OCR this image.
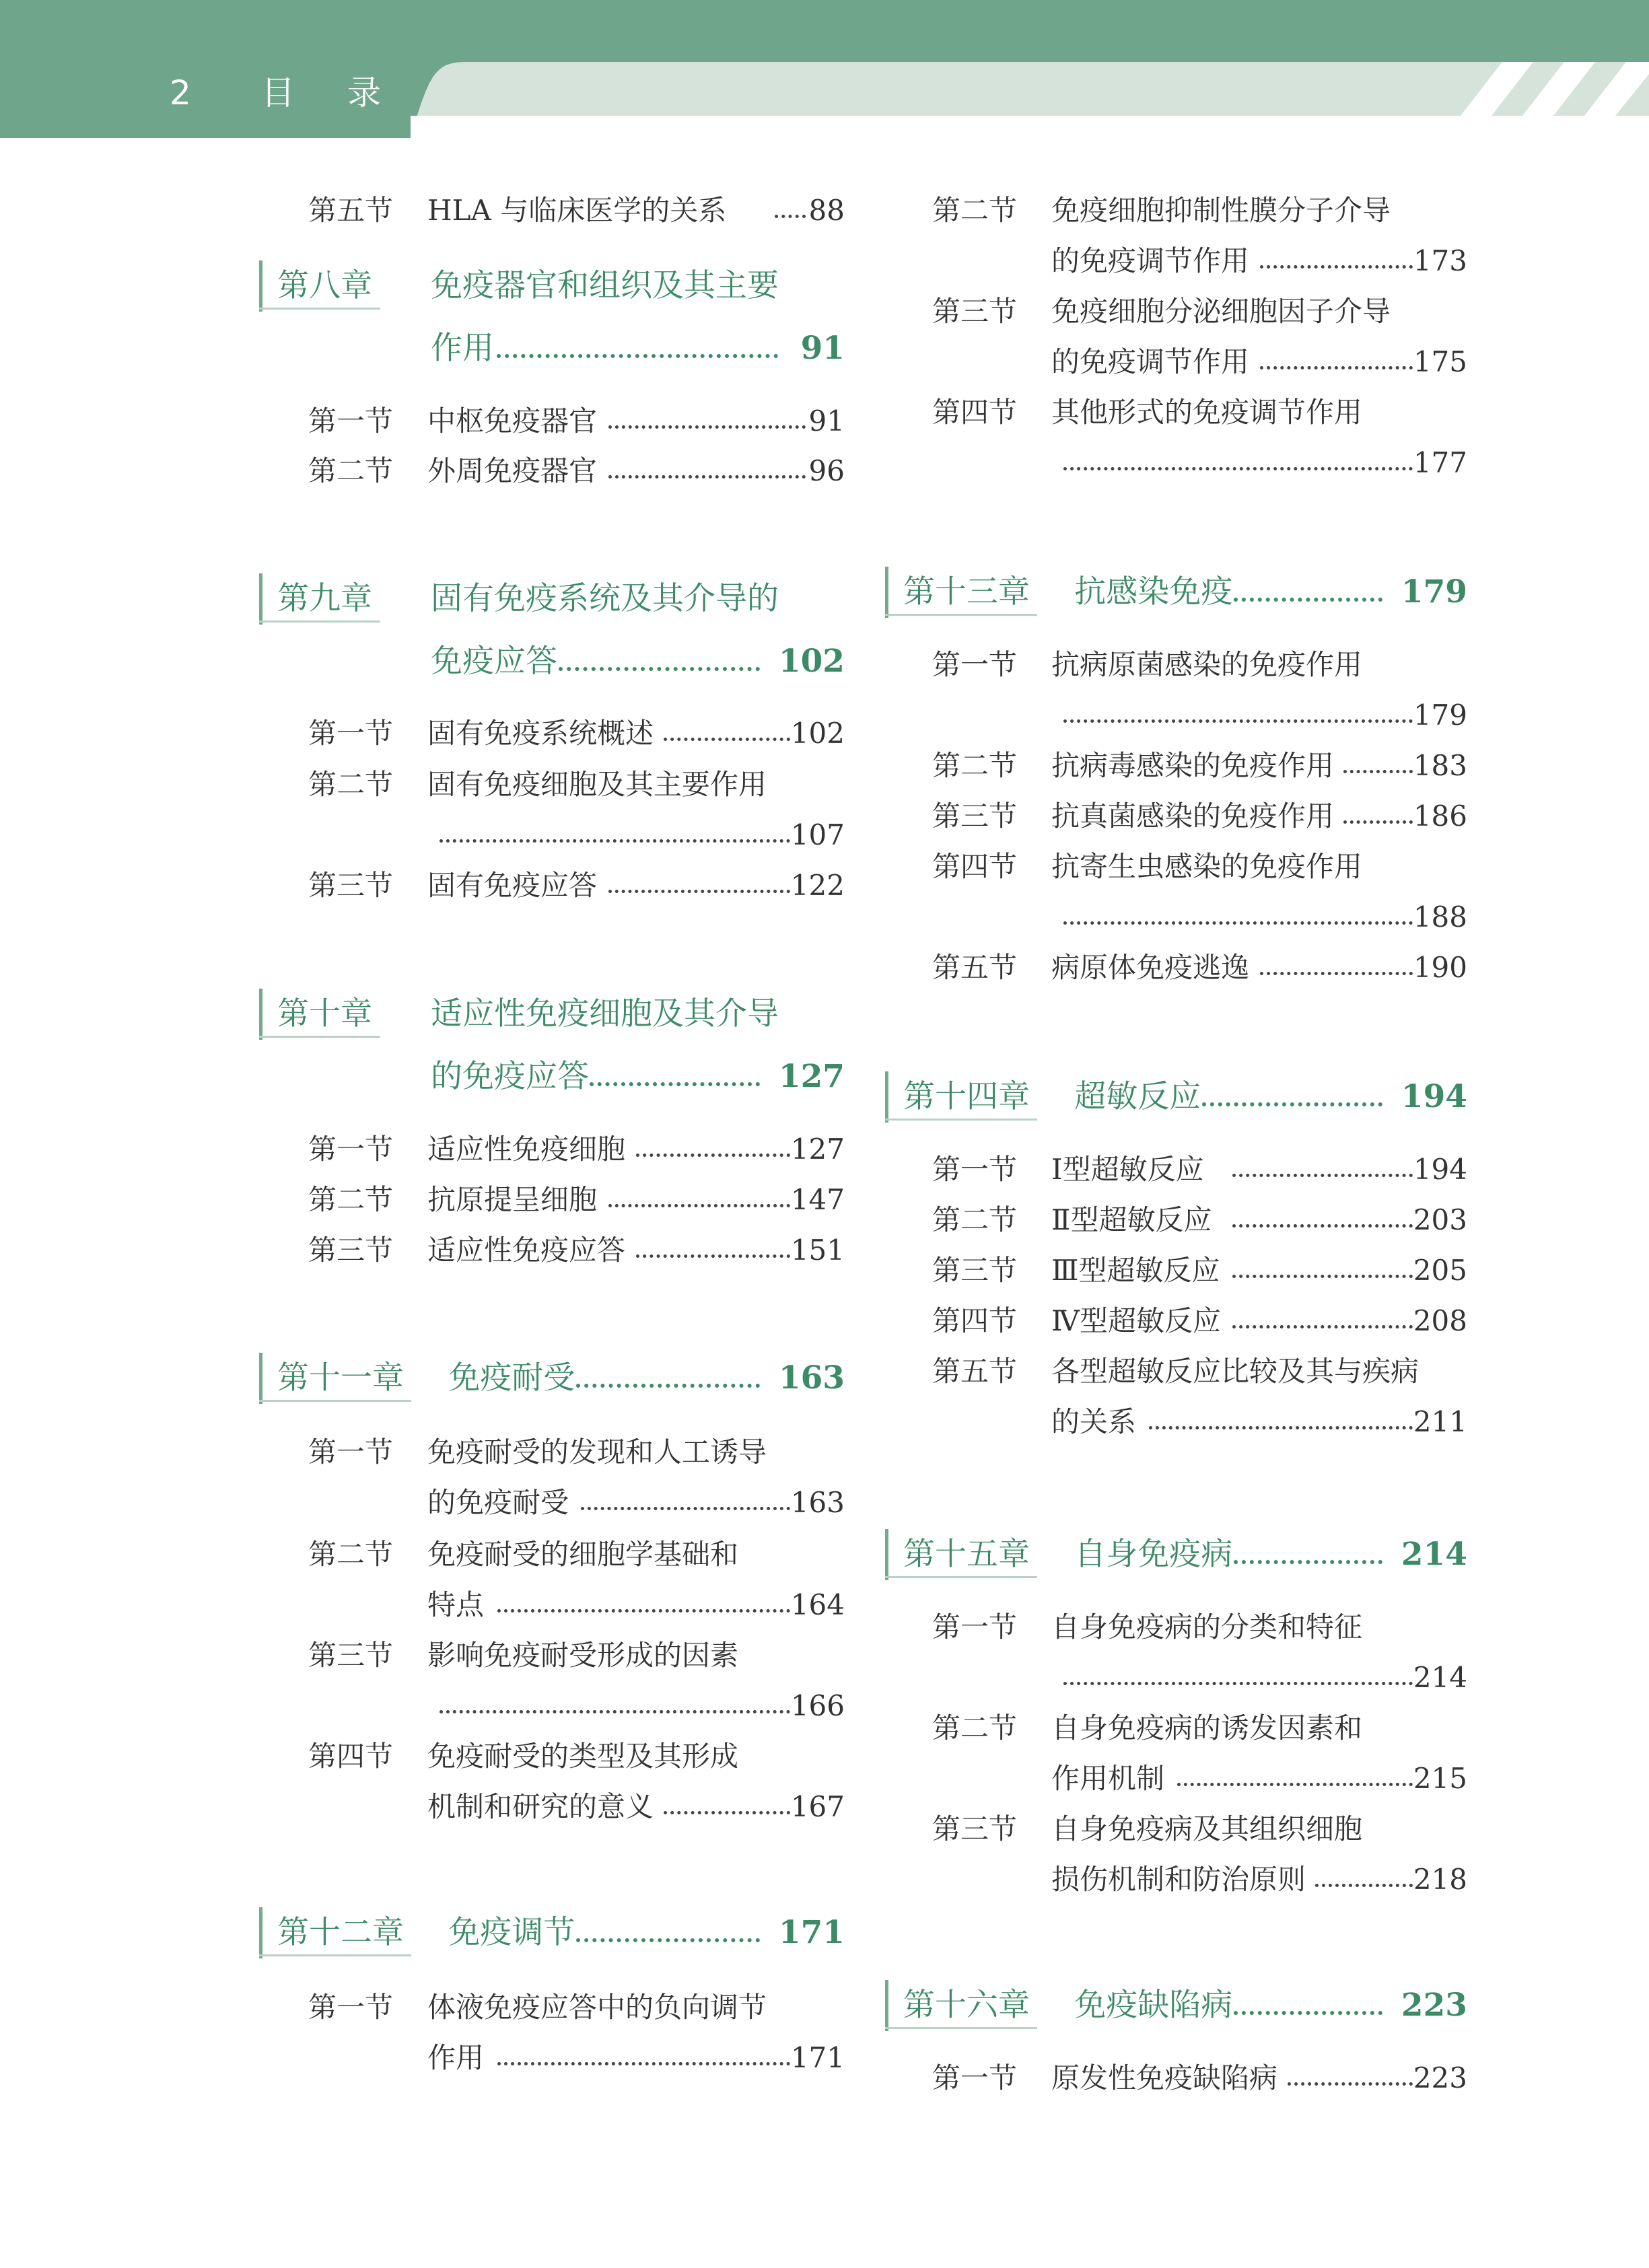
2 目录
第五节 HLA 与临床医学的关系	88
第八章 免疫器官和组织及其主要
作用	91
第一节 中枢免疫器官	91
第二节 外周免疫器官	96
第九章 固有免疫系统及其介导的
免疫应答	102
第一节 固有免疫系统概述	102
第二节 固有免疫细胞及其主要作用
107
第三节 固有免疫应答	122
第十章 适应性免疫细胞及其介导
的免疫应答	127
第一节 适应性免疫细胞	127
第二节 抗原提呈细胞	147
第三节 适应性免疫应答	151
第十一章 免疫耐受	163
第一节 免疫耐受的发现和人工诱导
的免疫耐受	163
第二节 免疫耐受的细胞学基础和
特点	164
第三节 影响免疫耐受形成的因素
166
第四节 免疫耐受的类型及其形成
机制和研究的意义	167
第十二章 免疫调节	171
第一节 体液免疫应答中的负向调节
作用	171
第二节 免疫细胞抑制性膜分子介导
的免疫调节作用	173
第三节 免疫细胞分泌细胞因子介导
的免疫调节作用	175
第四节 其他形式的免疫调节作用
177
第十三章 抗感染免疫	179
第一节 抗病原菌感染的免疫作用
179
第二节 抗病毒感染的免疫作用	183
第三节 抗真菌感染的免疫作用	186
第四节 抗寄生虫感染的免疫作用
188
第五节 病原体免疫逃逸	190
第十四章 超敏反应	194
第一节 Ⅰ型超敏反应	194
第二节 Ⅱ型超敏反应	203
第三节 Ⅲ型超敏反应	205
第四节 Ⅳ型超敏反应	208
第五节 各型超敏反应比较及其与疾病
的关系	211
第十五章 自身免疫病	214
第一节 自身免疫病的分类和特征
214
第二节 自身免疫病的诱发因素和
作用机制	215
第三节 自身免疫病及其组织细胞
损伤机制和防治原则	218
第十六章 免疫缺陷病	223
第一节 原发性免疫缺陷病	223
